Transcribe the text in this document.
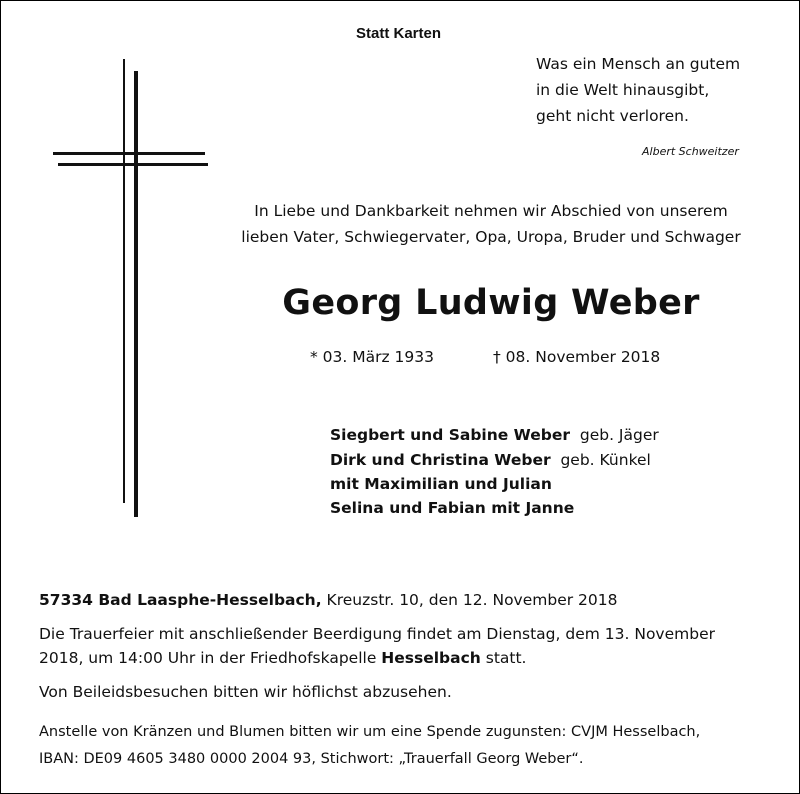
Statt Karten
Was ein Mensch an gutem
in die Welt hinausgibt,
geht nicht verloren.
Albert Schweitzer
In Liebe und Dankbarkeit nehmen wir Abschied von unserem
lieben Vater, Schwiegervater, Opa, Uropa, Bruder und Schwager
Georg Ludwig Weber
* 03. März 1933	† 08. November 2018
Siegbert und Sabine Weber geb. Jäger
Dirk und Christina Weber geb. Künkel
mit Maximilian und Julian
Selina und Fabian mit Janne
57334 Bad Laasphe-Hesselbach, Kreuzstr. 10, den 12. November 2018
Die Trauerfeier mit anschließender Beerdigung findet am Dienstag, dem 13. November
2018, um 14:00 Uhr in der Friedhofskapelle Hesselbach statt.
Von Beileidsbesuchen bitten wir höflichst abzusehen.
Anstelle von Kränzen und Blumen bitten wir um eine Spende zugunsten: CVJM Hesselbach,
IBAN: DE09 4605 3480 0000 2004 93, Stichwort: „Trauerfall Georg Weber“.
